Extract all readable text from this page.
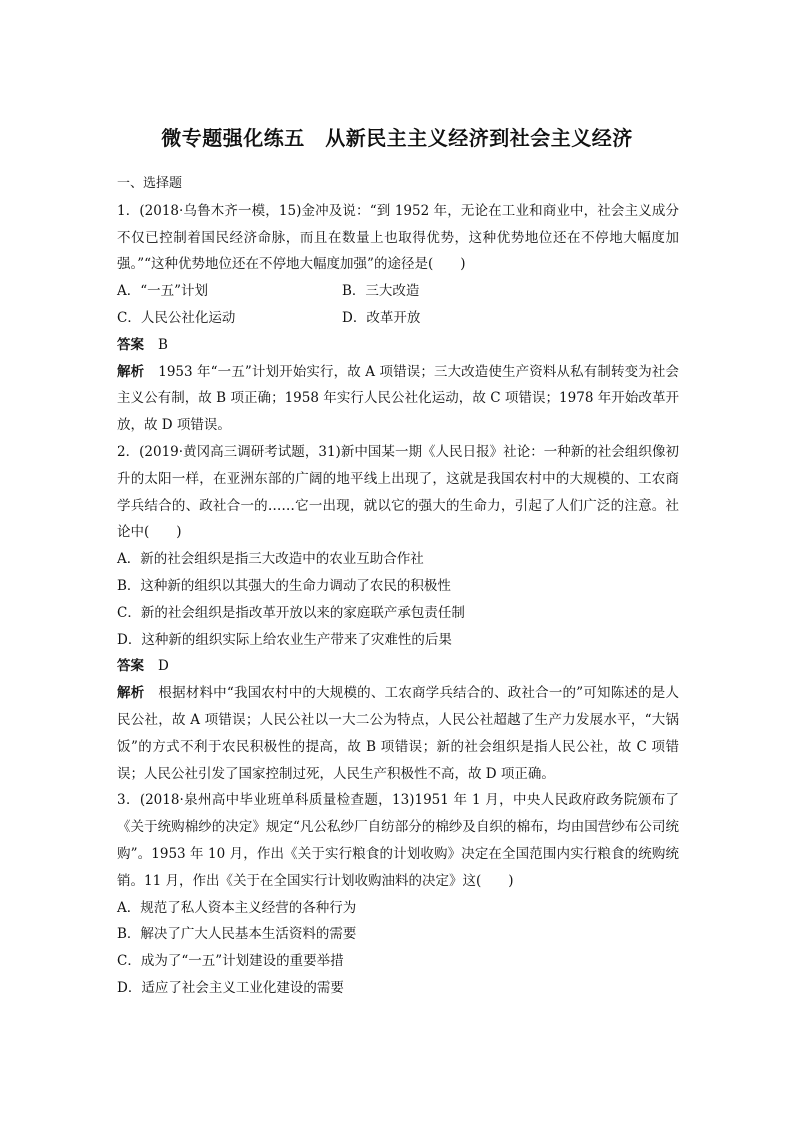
微专题强化练五　从新民主主义经济到社会主义经济

一、选择题

1．(2018·乌鲁木齐一模，15)金冲及说：“到 1952 年，无论在工业和商业中，社会主义成分不仅已控制着国民经济命脉，而且在数量上也取得优势，这种优势地位还在不停地大幅度加强。”“这种优势地位还在不停地大幅度加强”的途径是(　　)

A．“一五”计划	B．三大改造
C．人民公社化运动	D．改革开放

答案 B

解析 1953 年“一五”计划开始实行，故 A 项错误；三大改造使生产资料从私有制转变为社会主义公有制，故 B 项正确；1958 年实行人民公社化运动，故 C 项错误；1978 年开始改革开放，故 D 项错误。

2．(2019·黄冈高三调研考试题，31)新中国某一期《人民日报》社论：一种新的社会组织像初升的太阳一样，在亚洲东部的广阔的地平线上出现了，这就是我国农村中的大规模的、工农商学兵结合的、政社合一的……它一出现，就以它的强大的生命力，引起了人们广泛的注意。社论中(　　)

A．新的社会组织是指三大改造中的农业互助合作社

B．这种新的组织以其强大的生命力调动了农民的积极性

C．新的社会组织是指改革开放以来的家庭联产承包责任制

D．这种新的组织实际上给农业生产带来了灾难性的后果

答案 D

解析 根据材料中“我国农村中的大规模的、工农商学兵结合的、政社合一的”可知陈述的是人民公社，故 A 项错误；人民公社以一大二公为特点，人民公社超越了生产力发展水平，“大锅饭”的方式不利于农民积极性的提高，故 B 项错误；新的社会组织是指人民公社，故 C 项错误；人民公社引发了国家控制过死，人民生产积极性不高，故 D 项正确。

3．(2018·泉州高中毕业班单科质量检查题，13)1951 年 1 月，中央人民政府政务院颁布了《关于统购棉纱的决定》规定“凡公私纱厂自纺部分的棉纱及自织的棉布，均由国营纱布公司统购”。1953 年 10 月，作出《关于实行粮食的计划收购》决定在全国范围内实行粮食的统购统销。11 月，作出《关于在全国实行计划收购油料的决定》这(　　)

A．规范了私人资本主义经营的各种行为

B．解决了广大人民基本生活资料的需要

C．成为了“一五”计划建设的重要举措

D．适应了社会主义工业化建设的需要
